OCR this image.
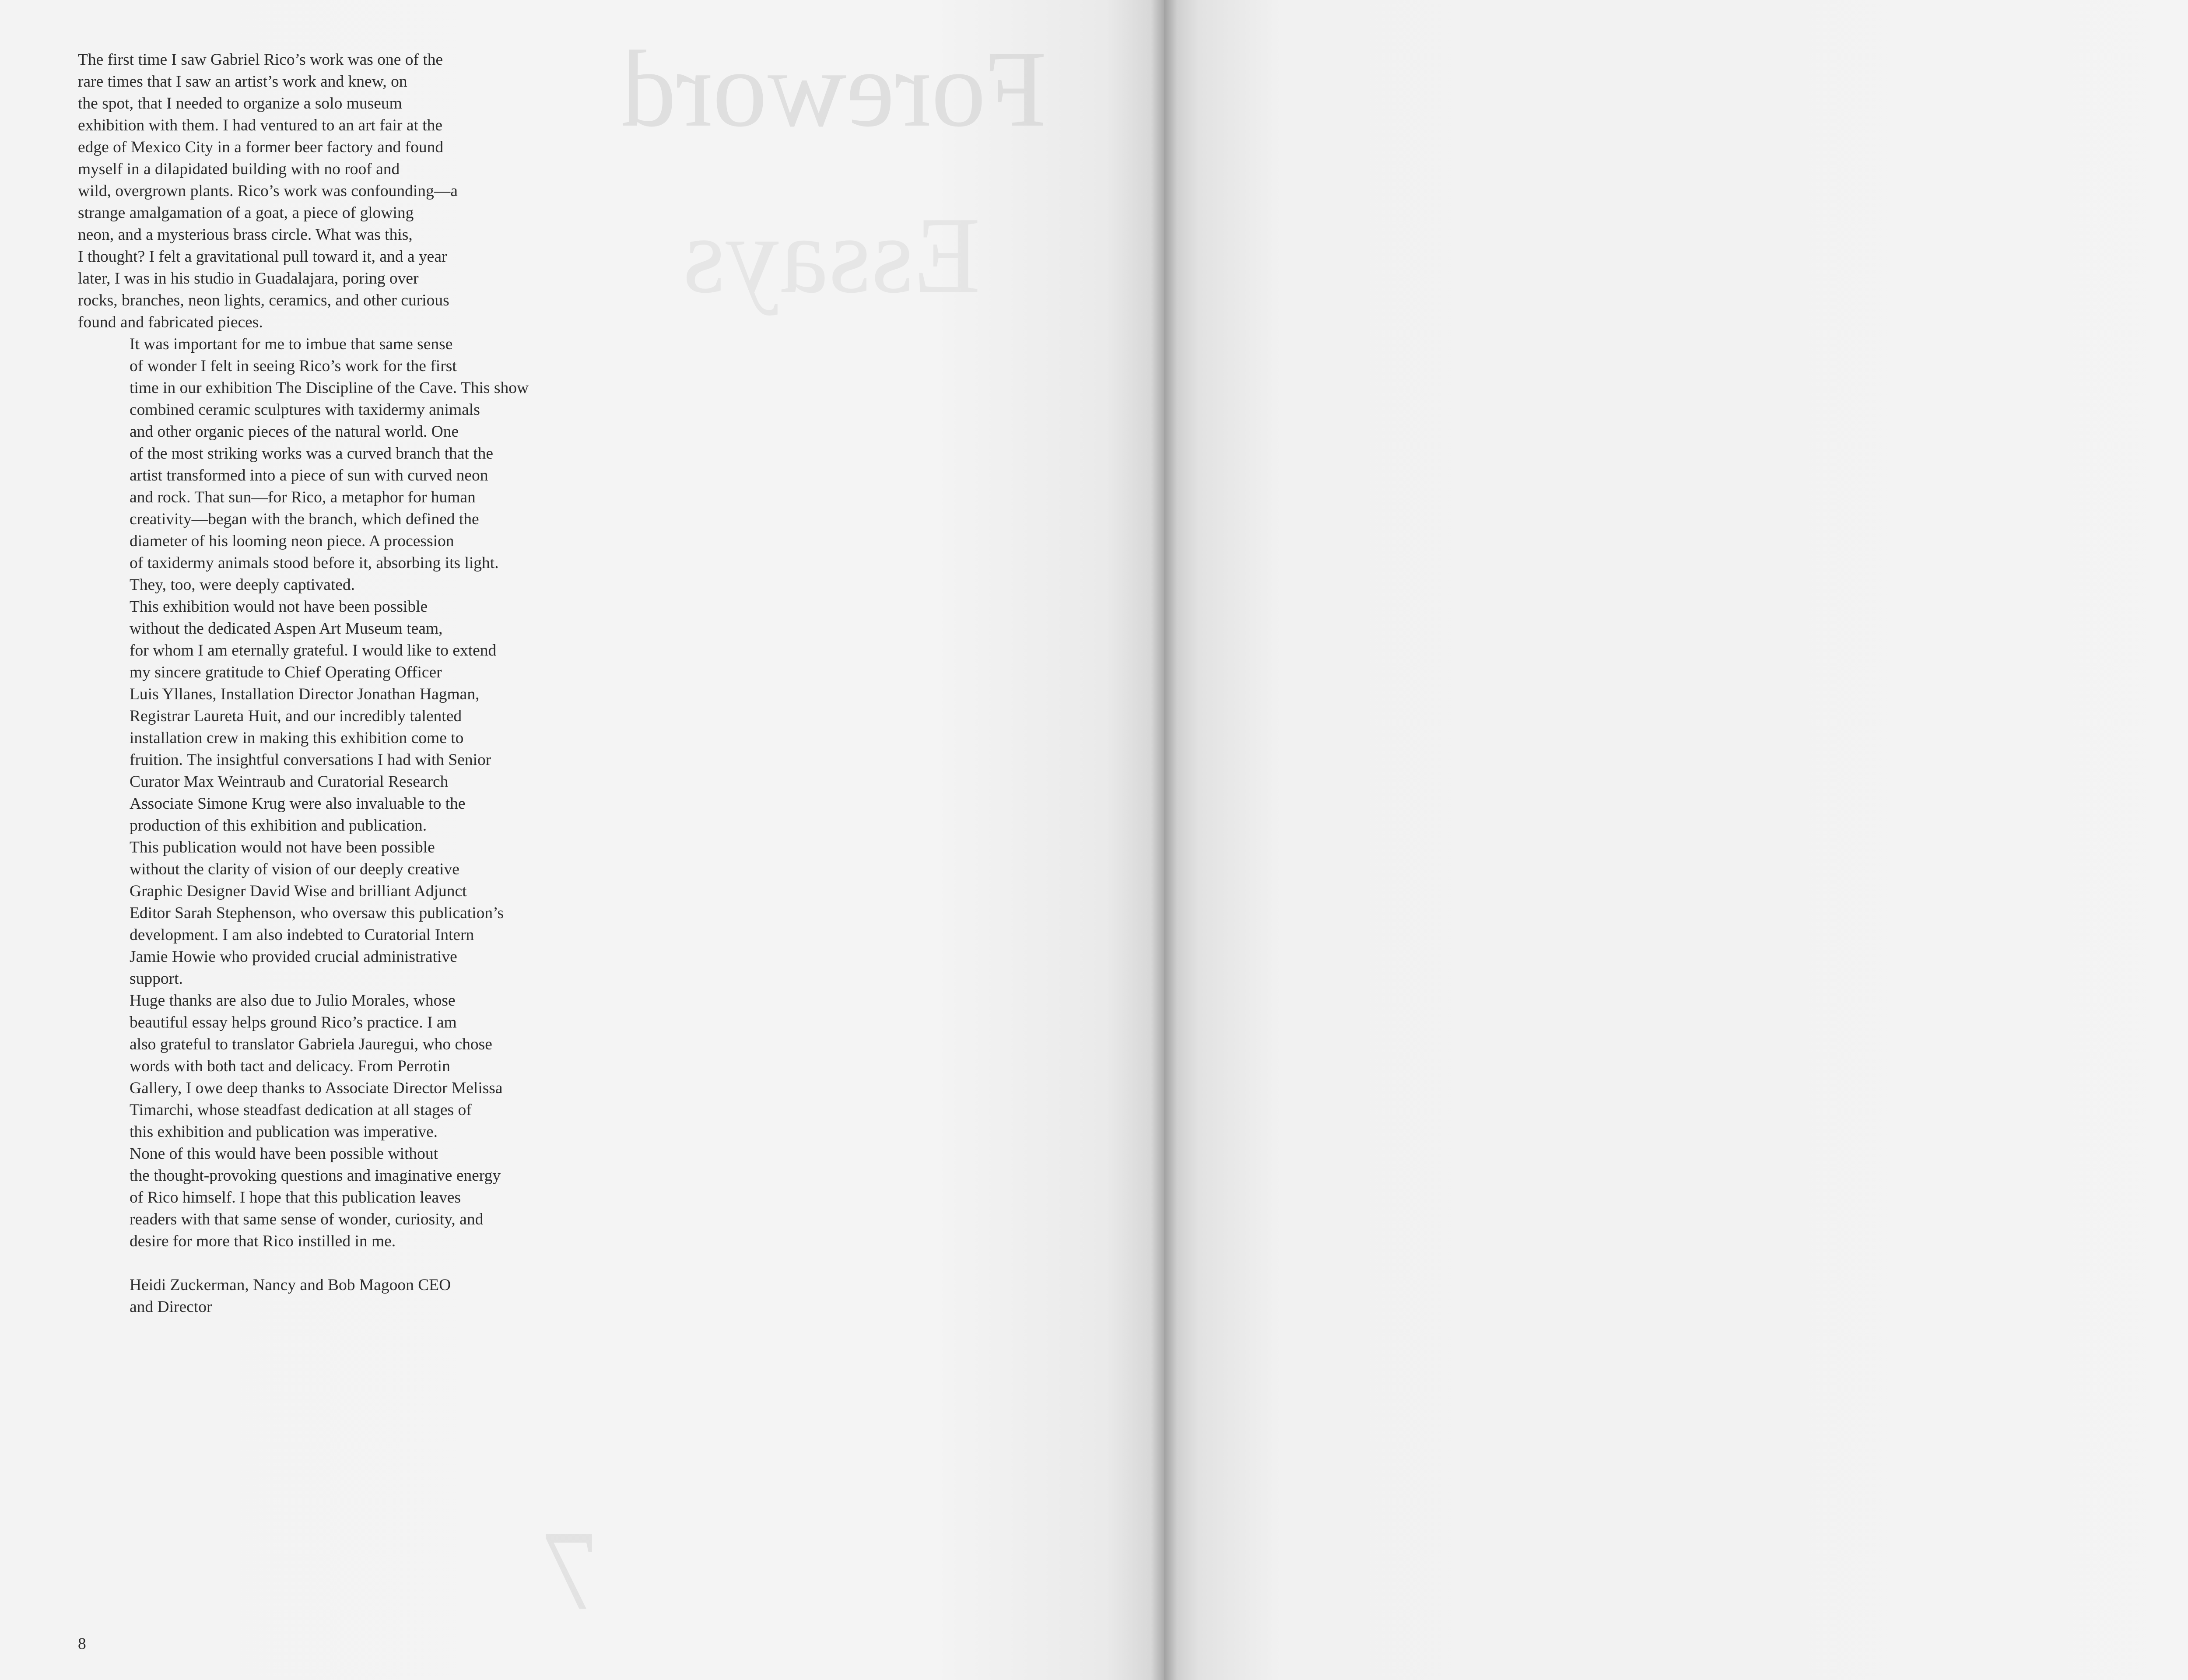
Foreword
Essays
7

The first time I saw Gabriel Rico’s work was one of the
rare times that I saw an artist’s work and knew, on
the spot, that I needed to organize a solo museum
exhibition with them. I had ventured to an art fair at the
edge of Mexico City in a former beer factory and found
myself in a dilapidated building with no roof and
wild, overgrown plants. Rico’s work was confounding—a
strange amalgamation of a goat, a piece of glowing
neon, and a mysterious brass circle. What was this,
I thought? I felt a gravitational pull toward it, and a year
later, I was in his studio in Guadalajara, poring over
rocks, branches, neon lights, ceramics, and other curious
found and fabricated pieces.

It was important for me to imbue that same sense
of wonder I felt in seeing Rico’s work for the first
time in our exhibition The Discipline of the Cave. This show
combined ceramic sculptures with taxidermy animals
and other organic pieces of the natural world. One
of the most striking works was a curved branch that the
artist transformed into a piece of sun with curved neon
and rock. That sun—for Rico, a metaphor for human
creativity—began with the branch, which defined the
diameter of his looming neon piece. A procession
of taxidermy animals stood before it, absorbing its light.
They, too, were deeply captivated.

This exhibition would not have been possible
without the dedicated Aspen Art Museum team,
for whom I am eternally grateful. I would like to extend
my sincere gratitude to Chief Operating Officer
Luis Yllanes, Installation Director Jonathan Hagman,
Registrar Laureta Huit, and our incredibly talented
installation crew in making this exhibition come to
fruition. The insightful conversations I had with Senior
Curator Max Weintraub and Curatorial Research
Associate Simone Krug were also invaluable to the
production of this exhibition and publication.

This publication would not have been possible
without the clarity of vision of our deeply creative
Graphic Designer David Wise and brilliant Adjunct
Editor Sarah Stephenson, who oversaw this publication’s
development. I am also indebted to Curatorial Intern
Jamie Howie who provided crucial administrative
support.

Huge thanks are also due to Julio Morales, whose
beautiful essay helps ground Rico’s practice. I am
also grateful to translator Gabriela Jauregui, who chose
words with both tact and delicacy. From Perrotin
Gallery, I owe deep thanks to Associate Director Melissa
Timarchi, whose steadfast dedication at all stages of
this exhibition and publication was imperative.

None of this would have been possible without
the thought-provoking questions and imaginative energy
of Rico himself. I hope that this publication leaves
readers with that same sense of wonder, curiosity, and
desire for more that Rico instilled in me.

Heidi Zuckerman, Nancy and Bob Magoon CEO
and Director

8
